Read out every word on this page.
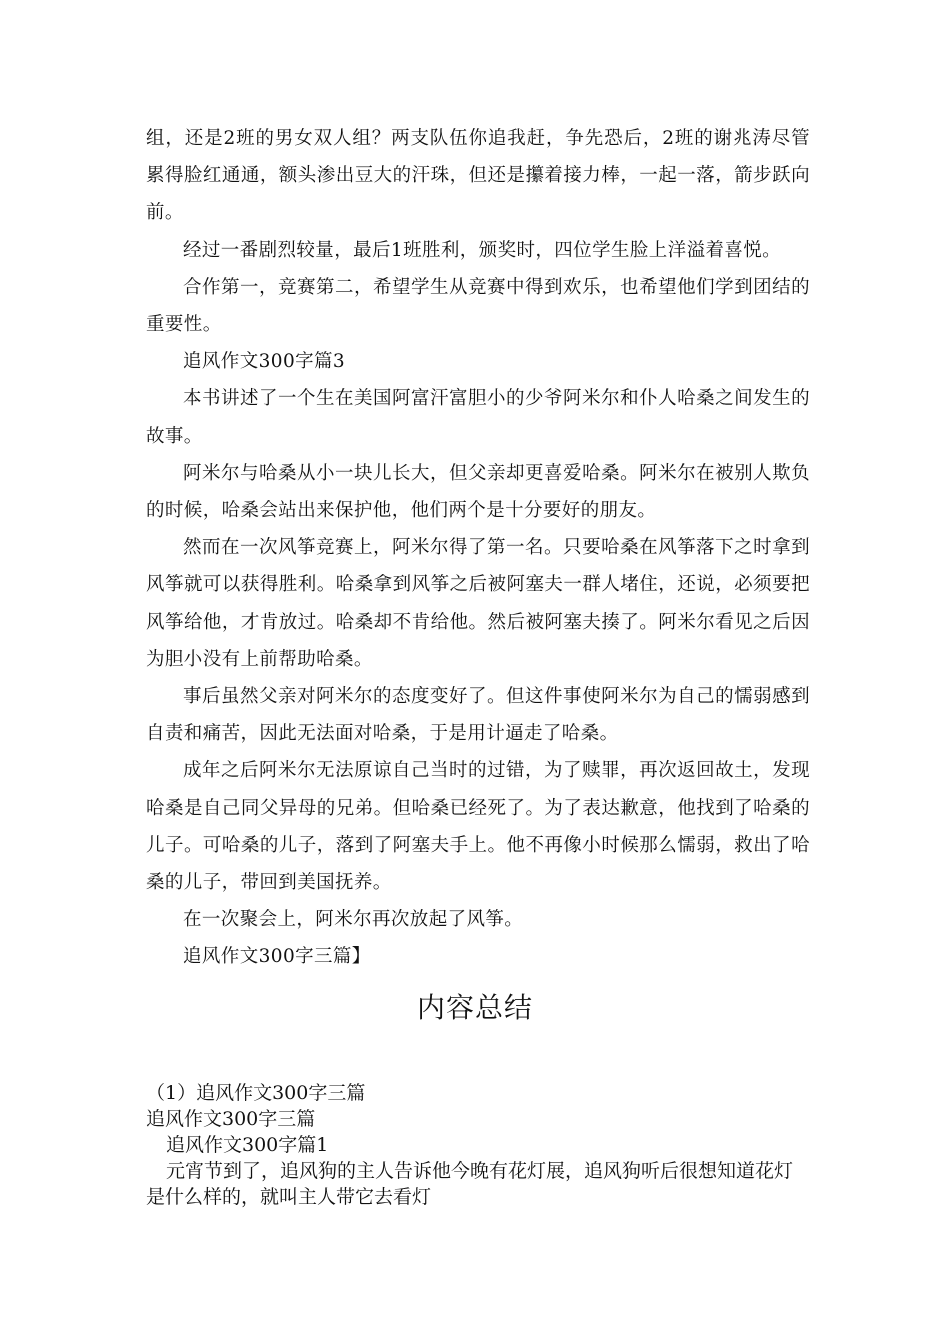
组，还是2班的男女双人组？两支队伍你追我赶，争先恐后，2班的谢兆涛尽管累得脸红通通，额头渗出豆大的汗珠，但还是攥着接力棒，一起一落，箭步跃向前。

经过一番剧烈较量，最后1班胜利，颁奖时，四位学生脸上洋溢着喜悦。

合作第一，竞赛第二，希望学生从竞赛中得到欢乐，也希望他们学到团结的重要性。

追风作文300字篇3

本书讲述了一个生在美国阿富汗富胆小的少爷阿米尔和仆人哈桑之间发生的故事。

阿米尔与哈桑从小一块儿长大，但父亲却更喜爱哈桑。阿米尔在被别人欺负的时候，哈桑会站出来保护他，他们两个是十分要好的朋友。

然而在一次风筝竞赛上，阿米尔得了第一名。只要哈桑在风筝落下之时拿到风筝就可以获得胜利。哈桑拿到风筝之后被阿塞夫一群人堵住，还说，必须要把风筝给他，才肯放过。哈桑却不肯给他。然后被阿塞夫揍了。阿米尔看见之后因为胆小没有上前帮助哈桑。

事后虽然父亲对阿米尔的态度变好了。但这件事使阿米尔为自己的懦弱感到自责和痛苦，因此无法面对哈桑，于是用计逼走了哈桑。

成年之后阿米尔无法原谅自己当时的过错，为了赎罪，再次返回故土，发现哈桑是自己同父异母的兄弟。但哈桑已经死了。为了表达歉意，他找到了哈桑的儿子。可哈桑的儿子，落到了阿塞夫手上。他不再像小时候那么懦弱，救出了哈桑的儿子，带回到美国抚养。

在一次聚会上，阿米尔再次放起了风筝。

追风作文300字三篇】

内容总结

（1）追风作文300字三篇

追风作文300字三篇

追风作文300字篇1

元宵节到了，追风狗的主人告诉他今晚有花灯展，追风狗听后很想知道花灯是什么样的，就叫主人带它去看灯
